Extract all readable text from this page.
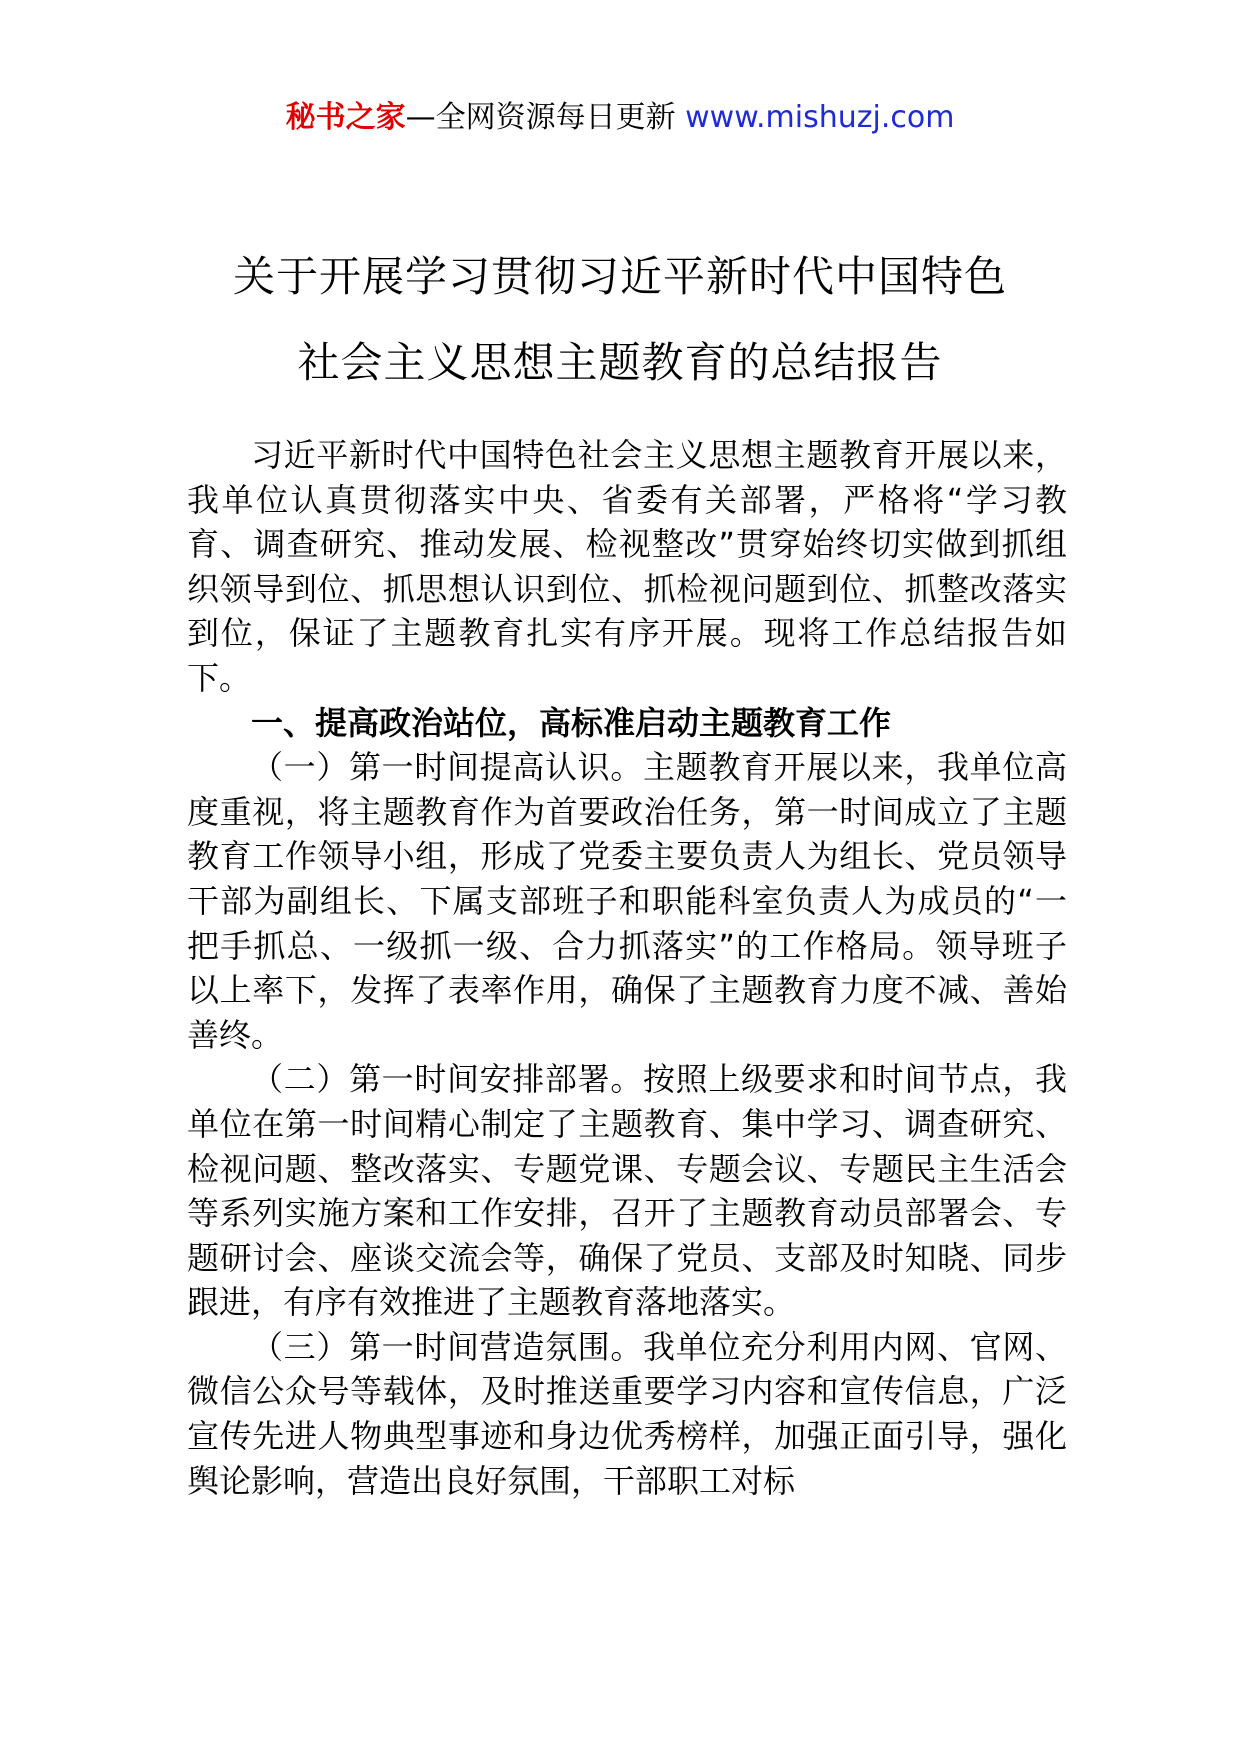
秘书之家—全网资源每日更新 www.mishuzj.com
关于开展学习贯彻习近平新时代中国特色
社会主义思想主题教育的总结报告

习近平新时代中国特色社会主义思想主题教育开展以来，我单位认真贯彻落实中央、省委有关部署，严格将“学习教育、调查研究、推动发展、检视整改”贯穿始终切实做到抓组织领导到位、抓思想认识到位、抓检视问题到位、抓整改落实到位，保证了主题教育扎实有序开展。现将工作总结报告如下。

一、提高政治站位，高标准启动主题教育工作

（一）第一时间提高认识。主题教育开展以来，我单位高度重视，将主题教育作为首要政治任务，第一时间成立了主题教育工作领导小组，形成了党委主要负责人为组长、党员领导干部为副组长、下属支部班子和职能科室负责人为成员的“一把手抓总、一级抓一级、合力抓落实”的工作格局。领导班子以上率下，发挥了表率作用，确保了主题教育力度不减、善始善终。

（二）第一时间安排部署。按照上级要求和时间节点，我单位在第一时间精心制定了主题教育、集中学习、调查研究、检视问题、整改落实、专题党课、专题会议、专题民主生活会等系列实施方案和工作安排，召开了主题教育动员部署会、专题研讨会、座谈交流会等，确保了党员、支部及时知晓、同步跟进，有序有效推进了主题教育落地落实。

（三）第一时间营造氛围。我单位充分利用内网、官网、微信公众号等载体，及时推送重要学习内容和宣传信息，广泛宣传先进人物典型事迹和身边优秀榜样，加强正面引导，强化舆论影响，营造出良好氛围，干部职工对标
